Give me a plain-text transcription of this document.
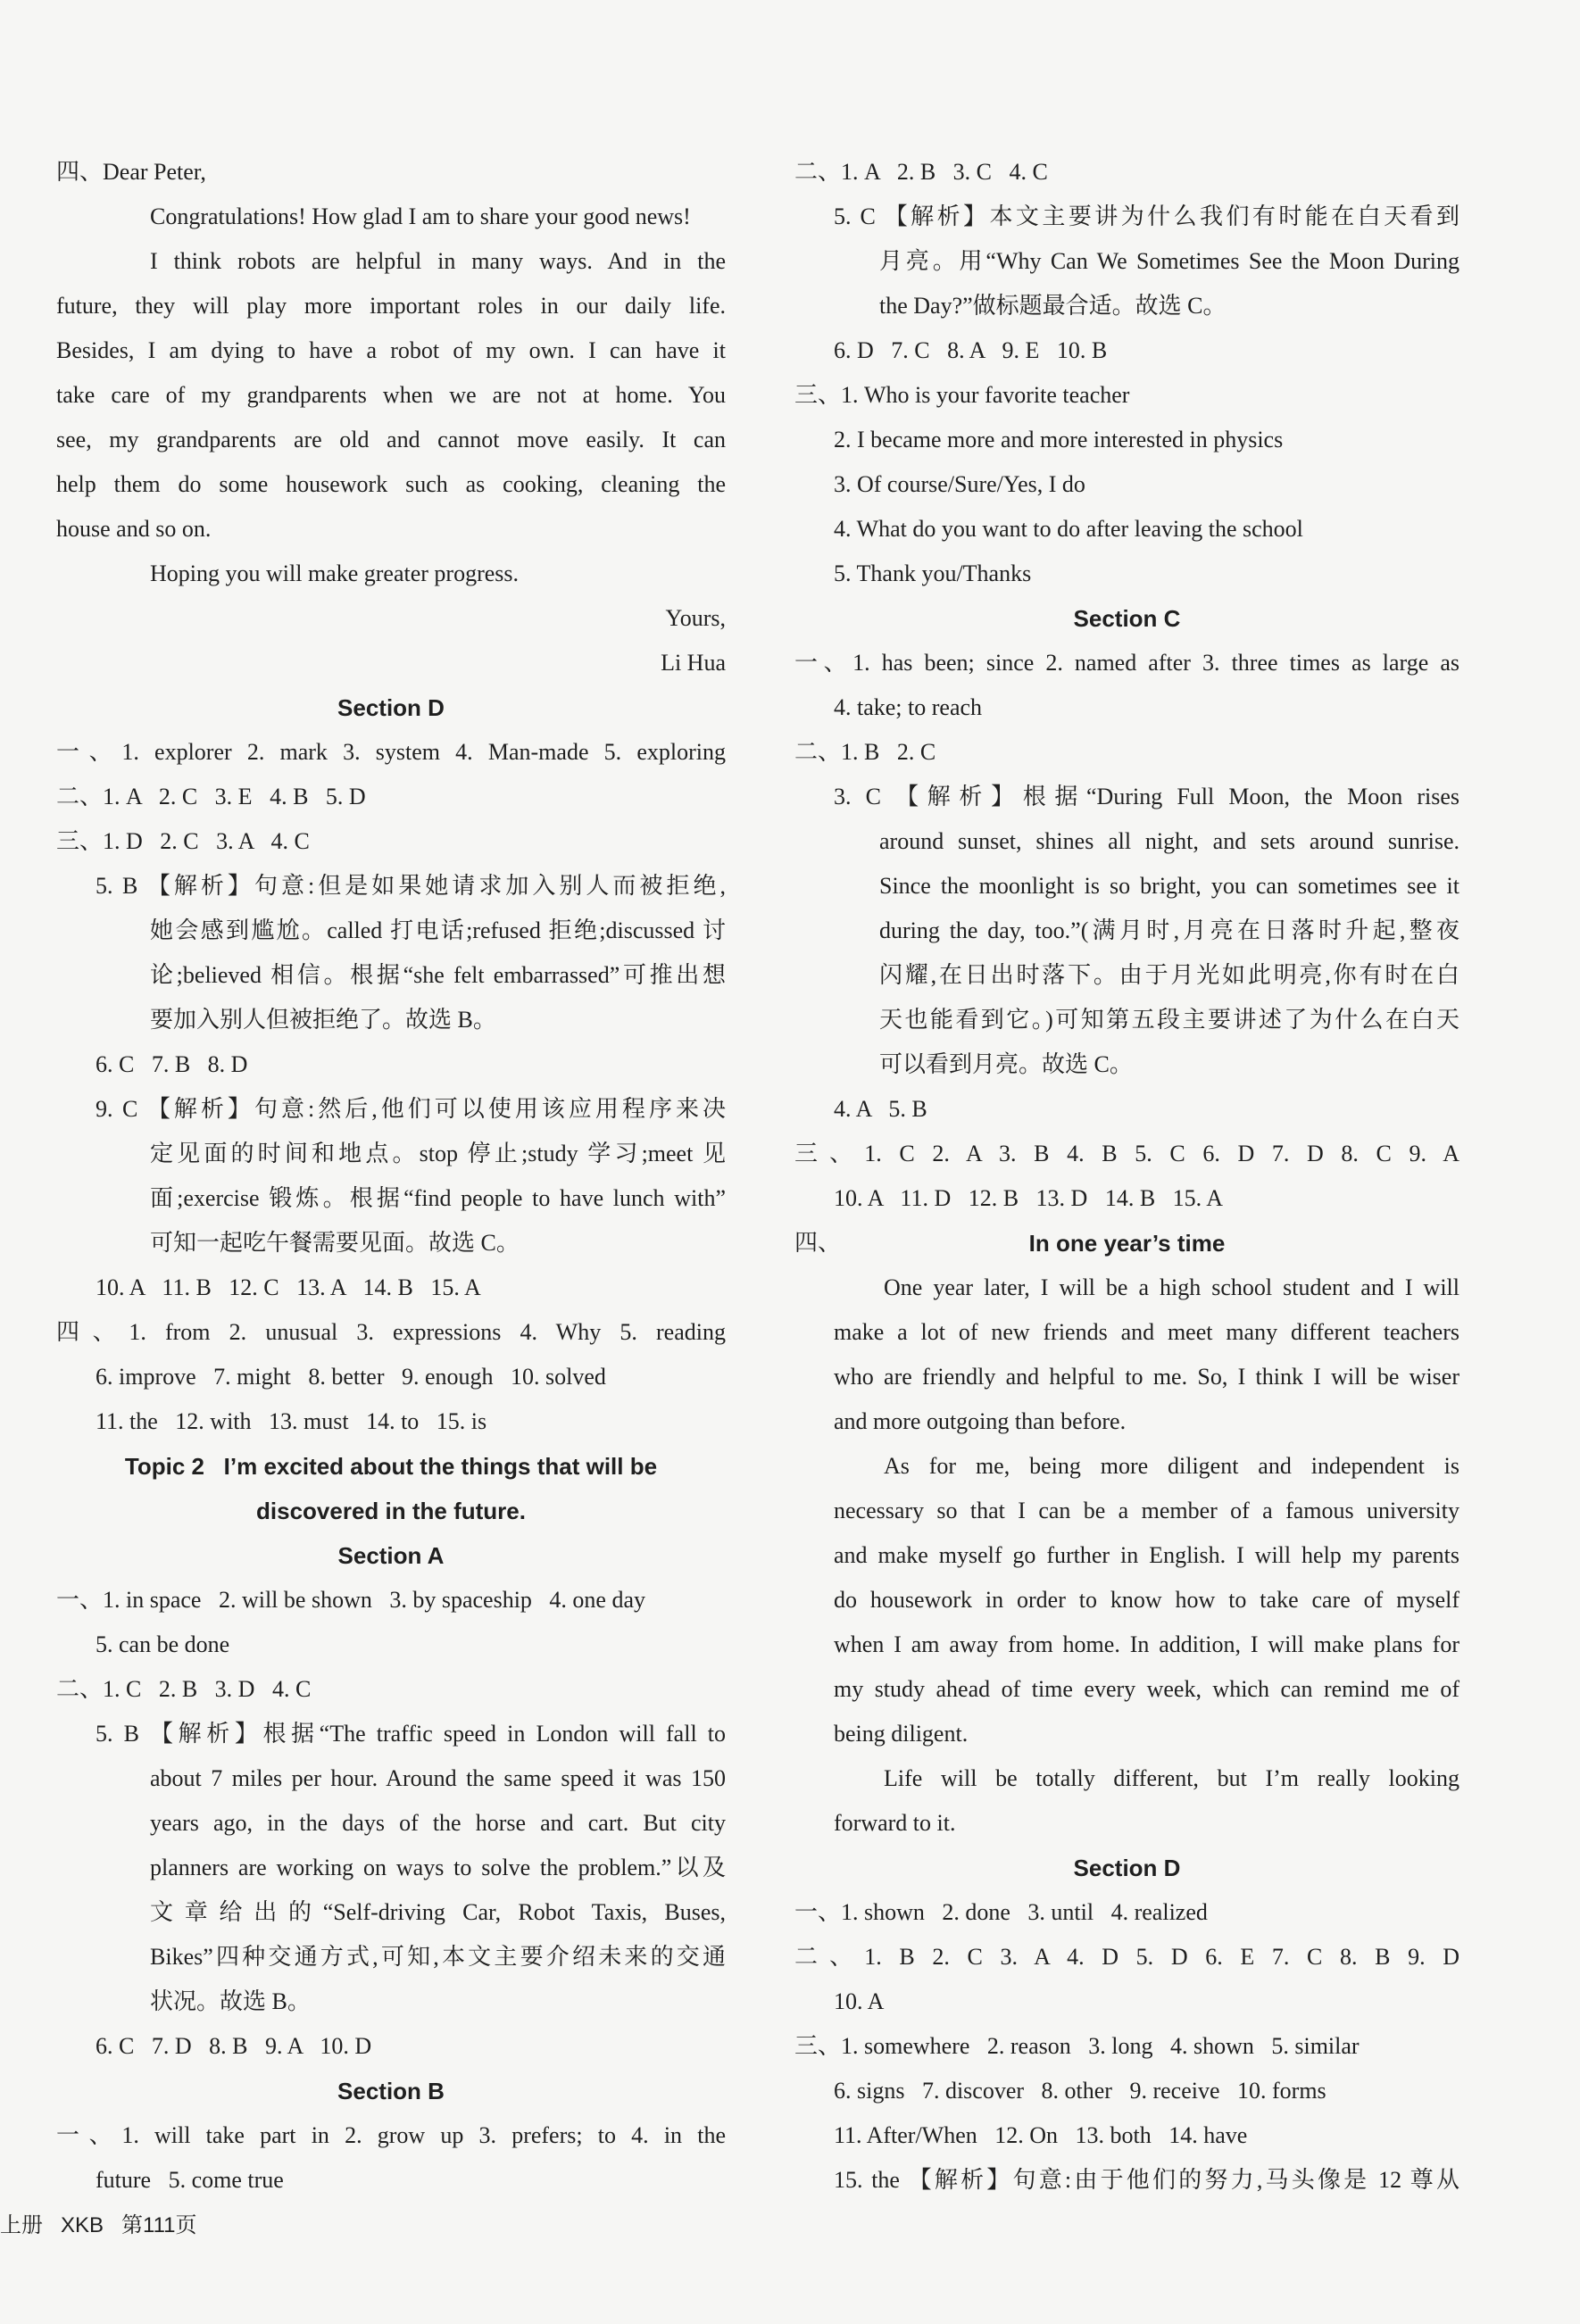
四、Dear Peter,
Congratulations! How glad I am to share your good news!
I think robots are helpful in many ways. And in the
future, they will play more important roles in our daily life.
Besides, I am dying to have a robot of my own. I can have it
take care of my grandparents when we are not at home. You
see, my grandparents are old and cannot move easily. It can
help them do some housework such as cooking, cleaning the
house and so on.
Hoping you will make greater progress.
Yours,
Li Hua
Section D
一、1. explorer 2. mark 3. system 4. Man-made 5. exploring
二、1. A   2. C   3. E   4. B   5. D
三、1. D   2. C   3. A   4. C
5. B 【解析】句意:但是如果她请求加入别人而被拒绝,
她会感到尴尬。called 打电话;refused 拒绝;discussed 讨
论;believed 相信。根据“she felt embarrassed”可推出想
要加入别人但被拒绝了。故选 B。
6. C   7. B   8. D
9. C 【解析】句意:然后,他们可以使用该应用程序来决
定见面的时间和地点。stop 停止;study 学习;meet 见
面;exercise 锻炼。根据“find people to have lunch with”
可知一起吃午餐需要见面。故选 C。
10. A   11. B   12. C   13. A   14. B   15. A
四、1. from 2. unusual 3. expressions 4. Why 5. reading
6. improve   7. might   8. better   9. enough   10. solved
11. the   12. with   13. must   14. to   15. is
Topic 2   I’m excited about the things that will be
discovered in the future.
Section A
一、1. in space   2. will be shown   3. by spaceship   4. one day
5. can be done
二、1. C   2. B   3. D   4. C
5. B 【解析】根据“The traffic speed in London will fall to
about 7 miles per hour. Around the same speed it was 150
years ago, in the days of the horse and cart. But city
planners are working on ways to solve the problem.”以及
文章给出的“Self-driving Car, Robot Taxis, Buses,
Bikes”四种交通方式,可知,本文主要介绍未来的交通
状况。故选 B。
6. C   7. D   8. B   9. A   10. D
Section B
一、1. will take part in 2. grow up 3. prefers; to 4. in the
future   5. come true
二、1. A   2. B   3. C   4. C
5. C 【解析】本文主要讲为什么我们有时能在白天看到
月亮。用“Why Can We Sometimes See the Moon During
the Day?”做标题最合适。故选 C。
6. D   7. C   8. A   9. E   10. B
三、1. Who is your favorite teacher
2. I became more and more interested in physics
3. Of course/Sure/Yes, I do
4. What do you want to do after leaving the school
5. Thank you/Thanks
Section C
一、1. has been; since 2. named after 3. three times as large as
4. take; to reach
二、1. B   2. C
3. C 【解析】根据“During Full Moon, the Moon rises
around sunset, shines all night, and sets around sunrise.
Since the moonlight is so bright, you can sometimes see it
during the day, too.”(满月时,月亮在日落时升起,整夜
闪耀,在日出时落下。由于月光如此明亮,你有时在白
天也能看到它。)可知第五段主要讲述了为什么在白天
可以看到月亮。故选 C。
4. A   5. B
三、1. C 2. A 3. B 4. B 5. C 6. D 7. D 8. C 9. A
10. A   11. D   12. B   13. D   14. B   15. A
四、	In one year’s time
One year later, I will be a high school student and I will
make a lot of new friends and meet many different teachers
who are friendly and helpful to me. So, I think I will be wiser
and more outgoing than before.
As for me, being more diligent and independent is
necessary so that I can be a member of a famous university
and make myself go further in English. I will help my parents
do housework in order to know how to take care of myself
when I am away from home. In addition, I will make plans for
my study ahead of time every week, which can remind me of
being diligent.
Life will be totally different, but I’m really looking
forward to it.
Section D
一、1. shown   2. done   3. until   4. realized
二、1. B 2. C 3. A 4. D 5. D 6. E 7. C 8. B 9. D
10. A
三、1. somewhere   2. reason   3. long   4. shown   5. similar
6. signs   7. discover   8. other   9. receive   10. forms
11. After/When   12. On   13. both   14. have
15. the 【解析】句意:由于他们的努力,马头像是 12 尊从
上册   XKB   第111页
